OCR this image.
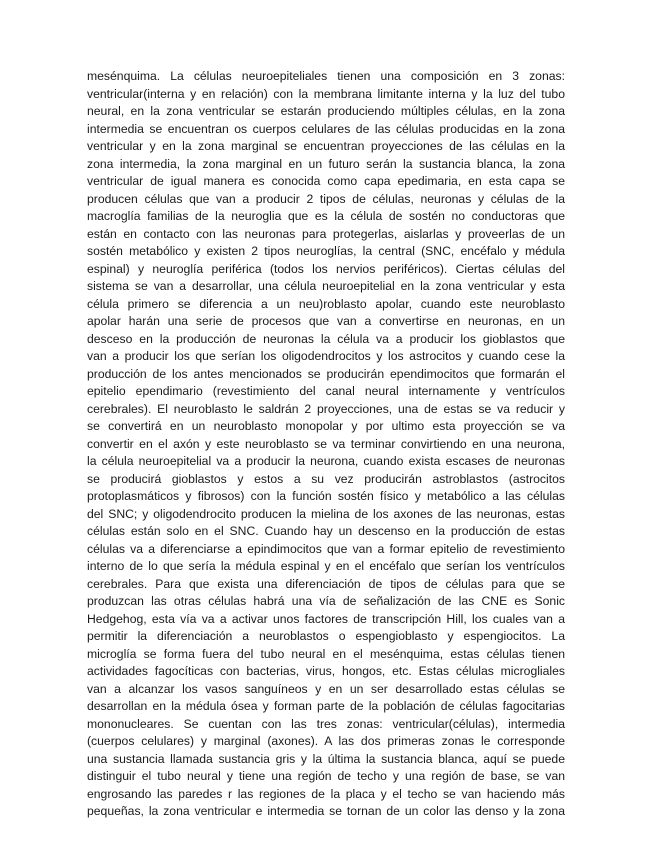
mesénquima. La células neuroepiteliales tienen una composición en 3 zonas:
ventricular(interna y en relación) con la membrana limitante interna y la luz del tubo
neural, en la zona ventricular se estarán produciendo múltiples células, en la zona
intermedia se encuentran os cuerpos celulares de las células producidas en la zona
ventricular y en la zona marginal se encuentran proyecciones de las células en la
zona intermedia, la zona marginal en un futuro serán la sustancia blanca, la zona
ventricular de igual manera es conocida como capa epedimaria, en esta capa se
producen células que van a producir 2 tipos de células, neuronas y células de la
macroglía familias de la neuroglia que es la célula de sostén no conductoras que
están en contacto con las neuronas para protegerlas, aislarlas y proveerlas de un
sostén metabólico y existen 2 tipos neuroglías, la central (SNC, encéfalo y médula
espinal) y neuroglía periférica (todos los nervios periféricos). Ciertas células del
sistema se van a desarrollar, una célula neuroepitelial en la zona ventricular y esta
célula primero se diferencia a un neu)roblasto apolar, cuando este neuroblasto
apolar harán una serie de procesos que van a convertirse en neuronas, en un
desceso en la producción de neuronas la célula va a producir los gioblastos que
van a producir los que serían los oligodendrocitos y los astrocitos y cuando cese la
producción de los antes mencionados se producirán ependimocitos que formarán el
epitelio ependimario (revestimiento del canal neural internamente y ventrículos
cerebrales). El neuroblasto le saldrán 2 proyecciones, una de estas se va reducir y
se convertirá en un neuroblasto monopolar y por ultimo esta proyección se va
convertir en el axón y este neuroblasto se va terminar convirtiendo en una neurona,
la célula neuroepitelial va a producir la neurona, cuando exista escases de neuronas
se producirá gioblastos y estos a su vez producirán astroblastos (astrocitos
protoplasmáticos y fibrosos) con la función sostén físico y metabólico a las células
del SNC; y oligodendrocito producen la mielina de los axones de las neuronas, estas
células están solo en el SNC. Cuando hay un descenso en la producción de estas
células va a diferenciarse a epindimocitos que van a formar epitelio de revestimiento
interno de lo que sería la médula espinal y en el encéfalo que serían los ventrículos
cerebrales. Para que exista una diferenciación de tipos de células para que se
produzcan las otras células habrá una vía de señalización de las CNE es Sonic
Hedgehog, esta vía va a activar unos factores de transcripción Hill, los cuales van a
permitir la diferenciación a neuroblastos o espengioblasto y espengiocitos. La
microglía se forma fuera del tubo neural en el mesénquima, estas células tienen
actividades fagocíticas con bacterias, virus, hongos, etc. Estas células microgliales
van a alcanzar los vasos sanguíneos y en un ser desarrollado estas células se
desarrollan en la médula ósea y forman parte de la población de células fagocitarias
mononucleares. Se cuentan con las tres zonas: ventricular(células), intermedia
(cuerpos celulares) y marginal (axones). A las dos primeras zonas le corresponde
una sustancia llamada sustancia gris y la última la sustancia blanca, aquí se puede
distinguir el tubo neural y tiene una región de techo y una región de base, se van
engrosando las paredes r las regiones de la placa y el techo se van haciendo más
pequeñas, la zona ventricular e intermedia se tornan de un color las denso y la zona
